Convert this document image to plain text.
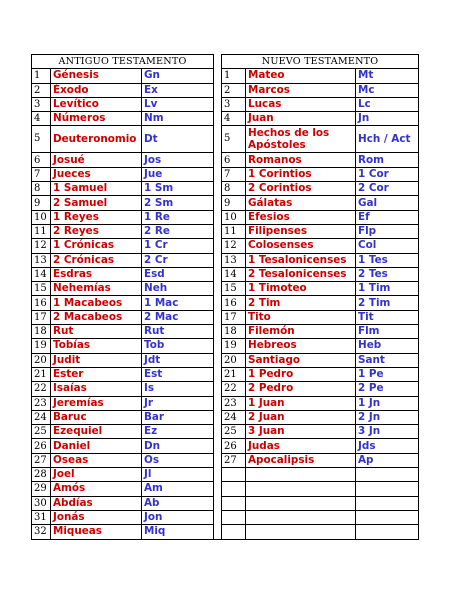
ANTIGUO TESTAMENTO				NUEVO TESTAMENTO		
1	Génesis	Gn		1	Mateo	Mt
2	Éxodo	Ex		2	Marcos	Mc
3	Levítico	Lv		3	Lucas	Lc
4	Números	Nm		4	Juan	Jn
5	Deuteronomio	Dt		5	Hechos de los Apóstoles	Hch / Act
6	Josué	Jos		6	Romanos	Rom
7	Jueces	Jue		7	1 Corintios	1 Cor
8	1 Samuel	1 Sm		8	2 Corintios	2 Cor
9	2 Samuel	2 Sm		9	Gálatas	Gal
10	1 Reyes	1 Re		10	Efesios	Ef
11	2 Reyes	2 Re		11	Filipenses	Flp
12	1 Crónicas	1 Cr		12	Colosenses	Col
13	2 Crónicas	2 Cr		13	1 Tesalonicenses	1 Tes
14	Esdras	Esd		14	2 Tesalonicenses	2 Tes
15	Nehemías	Neh		15	1 Timoteo	1 Tim
16	1 Macabeos	1 Mac		16	2 Tim	2 Tim
17	2 Macabeos	2 Mac		17	Tito	Tit
18	Rut	Rut		18	Filemón	Flm
19	Tobías	Tob		19	Hebreos	Heb
20	Judit	Jdt		20	Santiago	Sant
21	Ester	Est		21	1 Pedro	1 Pe
22	Isaías	Is		22	2 Pedro	2 Pe
23	Jeremías	Jr		23	1 Juan	1 Jn
24	Baruc	Bar		24	2 Juan	2 Jn
25	Ezequiel	Ez		25	3 Juan	3 Jn
26	Daniel	Dn		26	Judas	Jds
27	Oseas	Os		27	Apocalipsis	Ap
28	Joel	Jl				
29	Amós	Am				
30	Abdías	Ab				
31	Jonás	Jon				
32	Miqueas	Miq				
